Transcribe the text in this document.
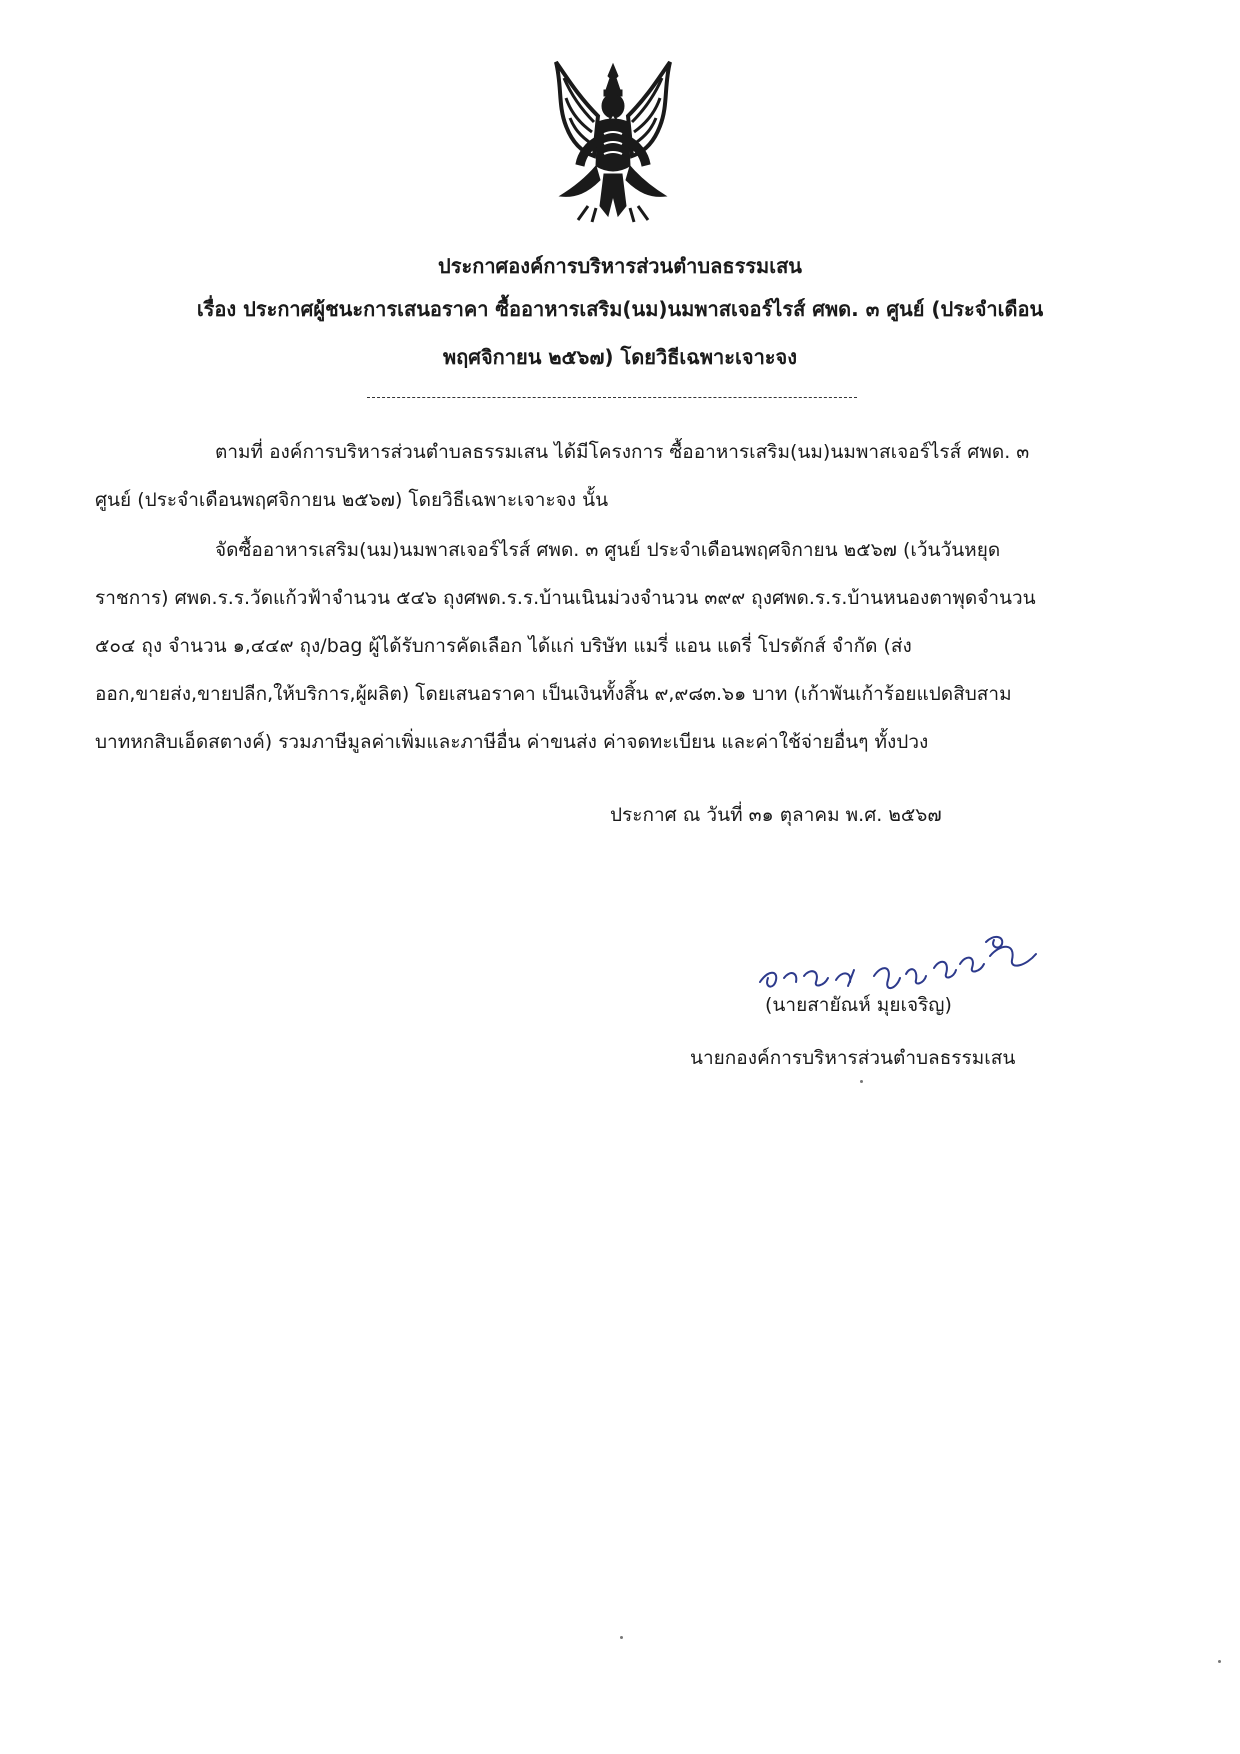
ประกาศองค์การบริหารส่วนตำบลธรรมเสน
เรื่อง ประกาศผู้ชนะการเสนอราคา ซื้ออาหารเสริม(นม)นมพาสเจอร์ไรส์ ศพด. ๓ ศูนย์ (ประจำเดือน
พฤศจิกายน ๒๕๖๗) โดยวิธีเฉพาะเจาะจง
ตามที่ องค์การบริหารส่วนตำบลธรรมเสน ได้มีโครงการ ซื้ออาหารเสริม(นม)นมพาสเจอร์ไรส์ ศพด. ๓
ศูนย์ (ประจำเดือนพฤศจิกายน ๒๕๖๗) โดยวิธีเฉพาะเจาะจง นั้น
จัดซื้ออาหารเสริม(นม)นมพาสเจอร์ไรส์ ศพด. ๓ ศูนย์ ประจำเดือนพฤศจิกายน ๒๕๖๗ (เว้นวันหยุด
ราชการ) ศพด.ร.ร.วัดแก้วฟ้าจำนวน ๕๔๖ ถุงศพด.ร.ร.บ้านเนินม่วงจำนวน ๓๙๙ ถุงศพด.ร.ร.บ้านหนองตาพุดจำนวน
๕๐๔ ถุง จำนวน ๑,๔๔๙ ถุง/bag ผู้ได้รับการคัดเลือก ได้แก่ บริษัท แมรี่ แอน แดรี่ โปรดักส์ จำกัด (ส่ง
ออก,ขายส่ง,ขายปลีก,ให้บริการ,ผู้ผลิต) โดยเสนอราคา เป็นเงินทั้งสิ้น ๙,๙๘๓.๖๑ บาท (เก้าพันเก้าร้อยแปดสิบสาม
บาทหกสิบเอ็ดสตางค์) รวมภาษีมูลค่าเพิ่มและภาษีอื่น ค่าขนส่ง ค่าจดทะเบียน และค่าใช้จ่ายอื่นๆ ทั้งปวง
ประกาศ ณ วันที่ ๓๑ ตุลาคม พ.ศ. ๒๕๖๗
(นายสายัณห์ มุยเจริญ)
นายกองค์การบริหารส่วนตำบลธรรมเสน
